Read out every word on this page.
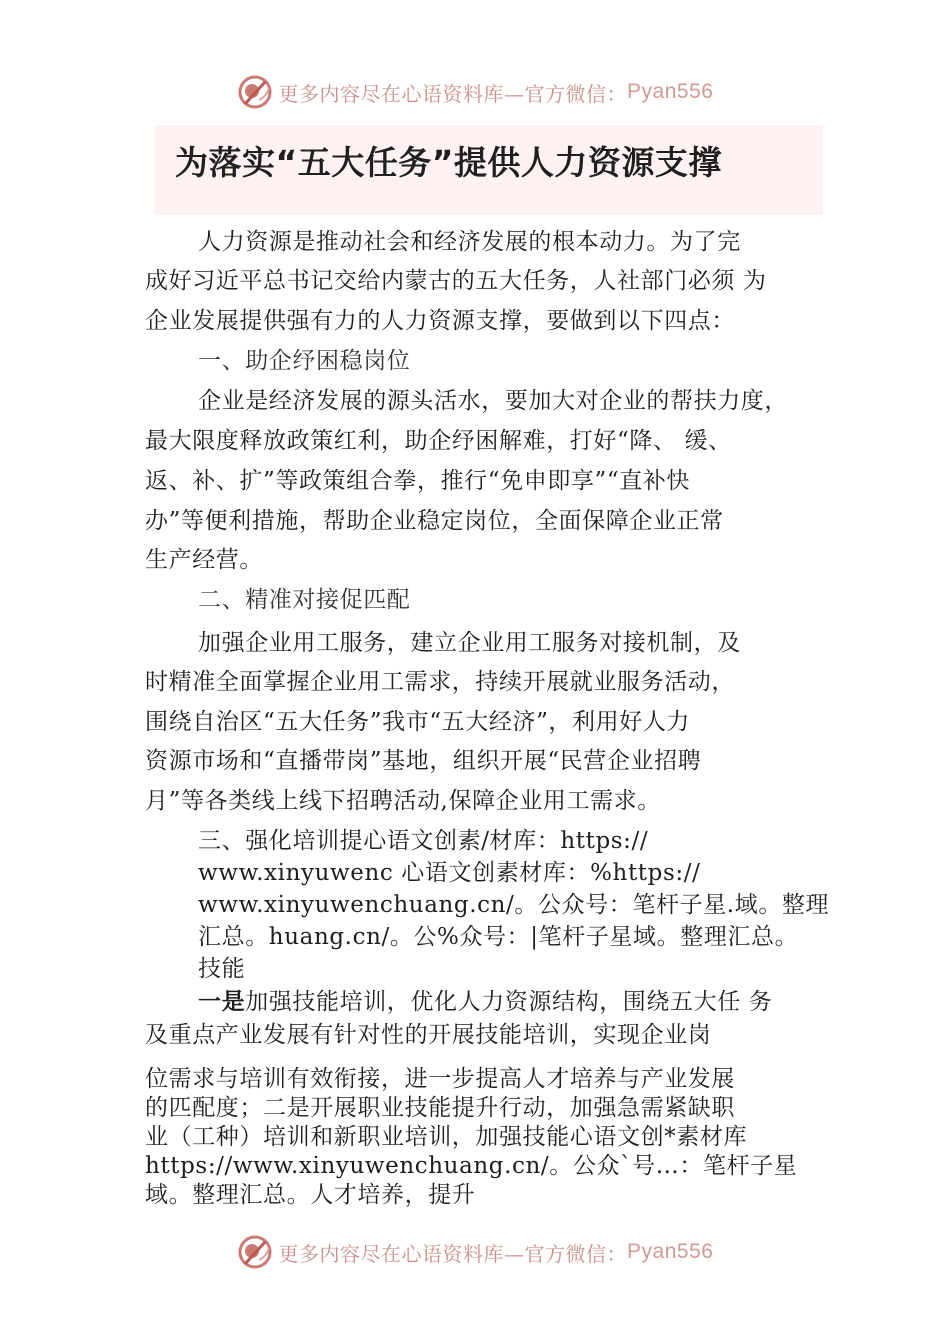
更多内容尽在心语资料库—官方微信： Pyan556
为落实“五大任务”提供人力资源支撑
人力资源是推动社会和经济发展的根本动力。为了完
成好习近平总书记交给内蒙古的五大任务，人社部门必须 为
企业发展提供强有力的人力资源支撑，要做到以下四点：
一、助企纾困稳岗位
企业是经济发展的源头活水，要加大对企业的帮扶力度，
最大限度释放政策红利，助企纾困解难，打好“降、 缓、
返、补、扩”等政策组合拳，推行“免申即享”“直补快
办”等便利措施，帮助企业稳定岗位，全面保障企业正常
生产经营。
二、精准对接促匹配
加强企业用工服务，建立企业用工服务对接机制，及
时精准全面掌握企业用工需求，持续开展就业服务活动，
围绕自治区“五大任务”我市“五大经济”，利用好人力
资源市场和“直播带岗”基地，组织开展“民营企业招聘
月”等各类线上线下招聘活动,保障企业用工需求。
三、强化培训提心语文创素/材库：https://
www.xinyuwenc 心语文创素材库：%https://
www.xinyuwenchuang.cn/。公众号：笔杆子星.域。整理
汇总。huang.cn/。公%众号：|笔杆子星域。整理汇总。
技能
一是加强技能培训，优化人力资源结构，围绕五大任 务
及重点产业发展有针对性的开展技能培训，实现企业岗
位需求与培训有效衔接，进一步提高人才培养与产业发展
的匹配度；二是开展职业技能提升行动，加强急需紧缺职
业（工种）培训和新职业培训，加强技能心语文创*素材库
https://www.xinyuwenchuang.cn/。公众`号…：笔杆子星
域。整理汇总。人才培养，提升
更多内容尽在心语资料库—官方微信： Pyan556
